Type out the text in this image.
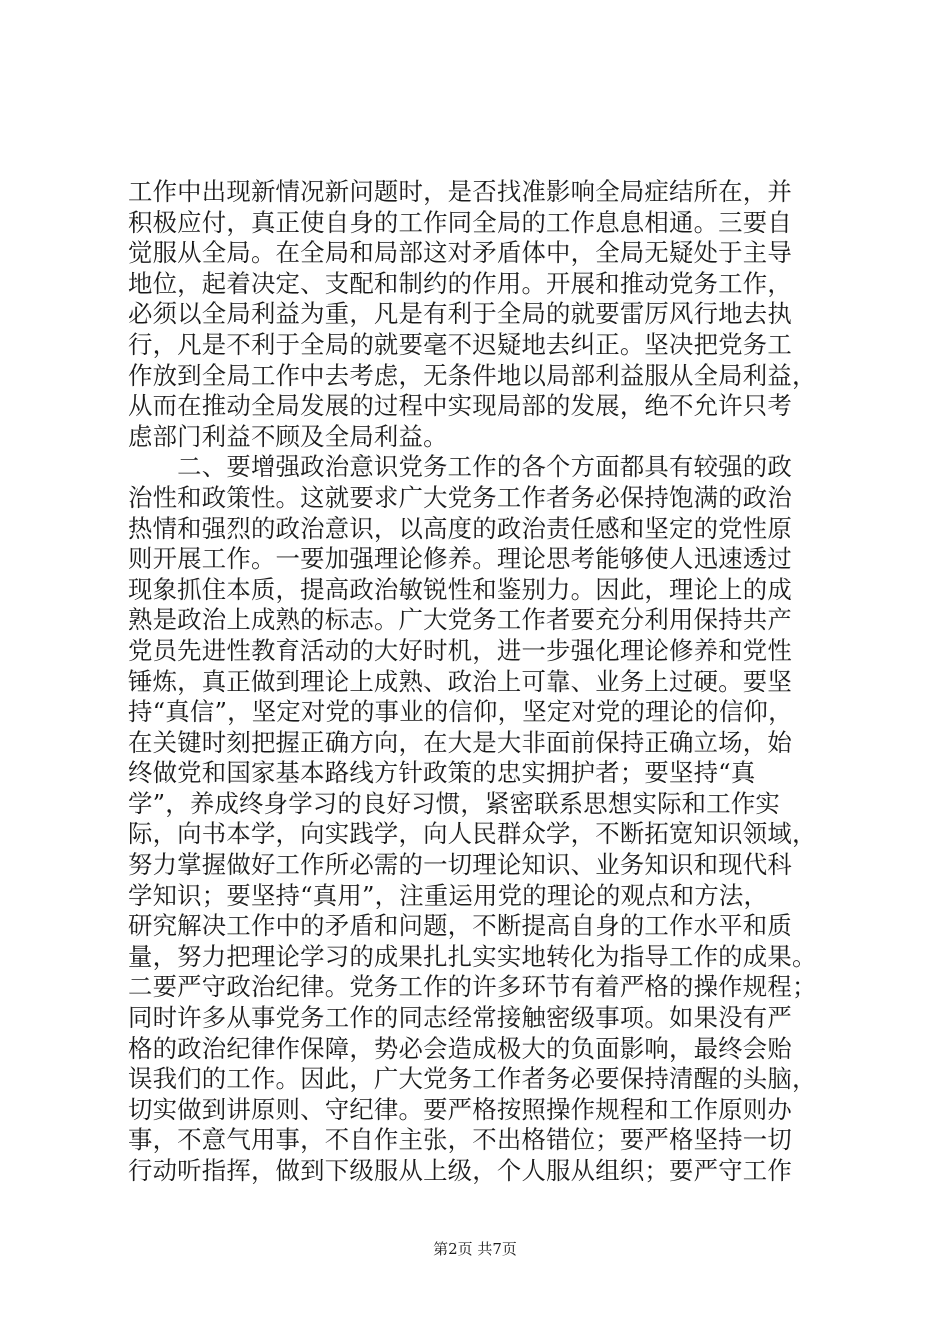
工作中出现新情况新问题时，是否找准影响全局症结所在，并
积极应付，真正使自身的工作同全局的工作息息相通。三要自
觉服从全局。在全局和局部这对矛盾体中，全局无疑处于主导
地位，起着决定、支配和制约的作用。开展和推动党务工作，
必须以全局利益为重，凡是有利于全局的就要雷厉风行地去执
行，凡是不利于全局的就要毫不迟疑地去纠正。坚决把党务工
作放到全局工作中去考虑，无条件地以局部利益服从全局利益，
从而在推动全局发展的过程中实现局部的发展，绝不允许只考
虑部门利益不顾及全局利益。
　　二、要增强政治意识党务工作的各个方面都具有较强的政
治性和政策性。这就要求广大党务工作者务必保持饱满的政治
热情和强烈的政治意识，以高度的政治责任感和坚定的党性原
则开展工作。一要加强理论修养。理论思考能够使人迅速透过
现象抓住本质，提高政治敏锐性和鉴别力。因此，理论上的成
熟是政治上成熟的标志。广大党务工作者要充分利用保持共产
党员先进性教育活动的大好时机，进一步强化理论修养和党性
锤炼，真正做到理论上成熟、政治上可靠、业务上过硬。要坚
持“真信”，坚定对党的事业的信仰，坚定对党的理论的信仰，
在关键时刻把握正确方向，在大是大非面前保持正确立场，始
终做党和国家基本路线方针政策的忠实拥护者；要坚持“真
学”，养成终身学习的良好习惯，紧密联系思想实际和工作实
际，向书本学，向实践学，向人民群众学，不断拓宽知识领域，
努力掌握做好工作所必需的一切理论知识、业务知识和现代科
学知识；要坚持“真用”，注重运用党的理论的观点和方法，
研究解决工作中的矛盾和问题，不断提高自身的工作水平和质
量，努力把理论学习的成果扎扎实实地转化为指导工作的成果。
二要严守政治纪律。党务工作的许多环节有着严格的操作规程；
同时许多从事党务工作的同志经常接触密级事项。如果没有严
格的政治纪律作保障，势必会造成极大的负面影响，最终会贻
误我们的工作。因此，广大党务工作者务必要保持清醒的头脑，
切实做到讲原则、守纪律。要严格按照操作规程和工作原则办
事，不意气用事，不自作主张，不出格错位；要严格坚持一切
行动听指挥，做到下级服从上级，个人服从组织；要严守工作
第2页 共7页
